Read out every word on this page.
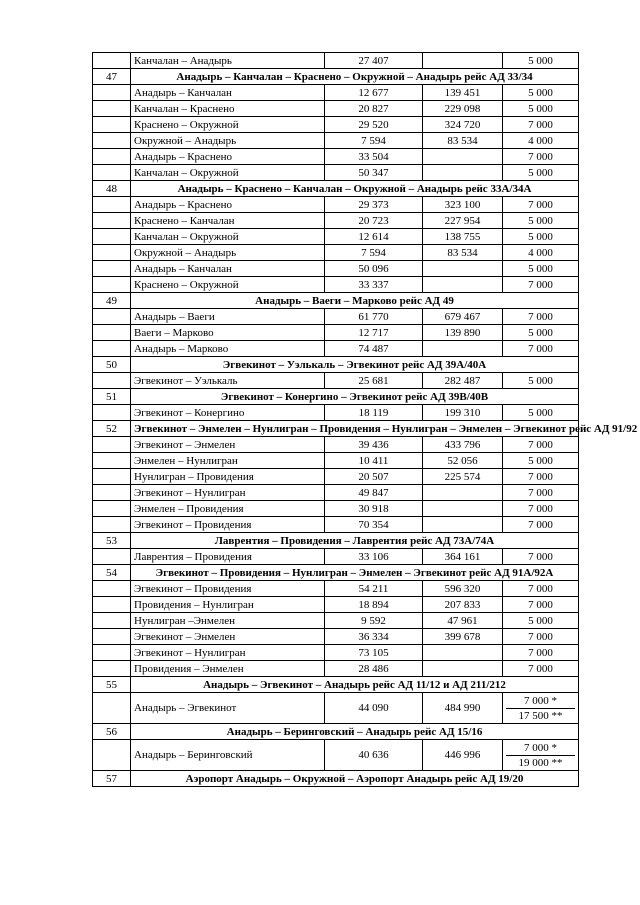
	Канчалан – Анадырь	27 407		5 000
47	Анадырь – Канчалан – Краснено – Окружной – Анадырь рейс АД 33/34			
	Анадырь – Канчалан	12 677	139 451	5 000
	Канчалан – Краснено	20 827	229 098	5 000
	Краснено – Окружной	29 520	324 720	7 000
	Окружной – Анадырь	7 594	83 534	4 000
	Анадырь – Краснено	33 504		7 000
	Канчалан – Окружной	50 347		5 000
48	Анадырь – Краснено – Канчалан – Окружной – Анадырь рейс 33А/34А			
	Анадырь – Краснено	29 373	323 100	7 000
	Краснено – Канчалан	20 723	227 954	5 000
	Канчалан – Окружной	12 614	138 755	5 000
	Окружной – Анадырь	7 594	83 534	4 000
	Анадырь – Канчалан	50 096		5 000
	Краснено – Окружной	33 337		7 000
49	Анадырь – Ваеги – Марково рейс АД 49			
	Анадырь – Ваеги	61 770	679 467	7 000
	Ваеги – Марково	12 717	139 890	5 000
	Анадырь – Марково	74 487		7 000
50	Эгвекинот – Уэлькаль – Эгвекинот рейс АД 39А/40А			
	Эгвекинот – Уэлькаль	25 681	282 487	5 000
51	Эгвекинот – Конергино – Эгвекинот рейс АД 39В/40В			
	Эгвекинот – Конергино	18 119	199 310	5 000
52	Эгвекинот – Энмелен – Нунлигран – Провидения – Нунлигран – Энмелен – Эгвекинот рейс АД 91/92			
	Эгвекинот – Энмелен	39 436	433 796	7 000
	Энмелен – Нунлигран	10 411	52 056	5 000
	Нунлигран – Провидения	20 507	225 574	7 000
	Эгвекинот – Нунлигран	49 847		7 000
	Энмелен – Провидения	30 918		7 000
	Эгвекинот – Провидения	70 354		7 000
53	Лаврентия – Провидения – Лаврентия рейс АД 73А/74А			
	Лаврентия – Провидения	33 106	364 161	7 000
54	Эгвекинот – Провидения – Нунлигран – Энмелен – Эгвекинот рейс АД 91А/92А			
	Эгвекинот – Провидения	54 211	596 320	7 000
	Провидения – Нунлигран	18 894	207 833	7 000
	Нунлигран –Энмелен	9 592	47 961	5 000
	Эгвекинот – Энмелен	36 334	399 678	7 000
	Эгвекинот – Нунлигран	73 105		7 000
	Провидения – Энмелен	28 486		7 000
55	Анадырь – Эгвекинот – Анадырь рейс АД 11/12 и АД 211/212			
	Анадырь – Эгвекинот	44 090	484 990	7 000 *
17 500 **

56	Анадырь – Беринговский – Анадырь рейс АД 15/16			
	Анадырь – Беринговский	40 636	446 996	7 000 *
19 000 **

57	Аэропорт Анадырь – Окружной – Аэропорт Анадырь рейс АД 19/20			
